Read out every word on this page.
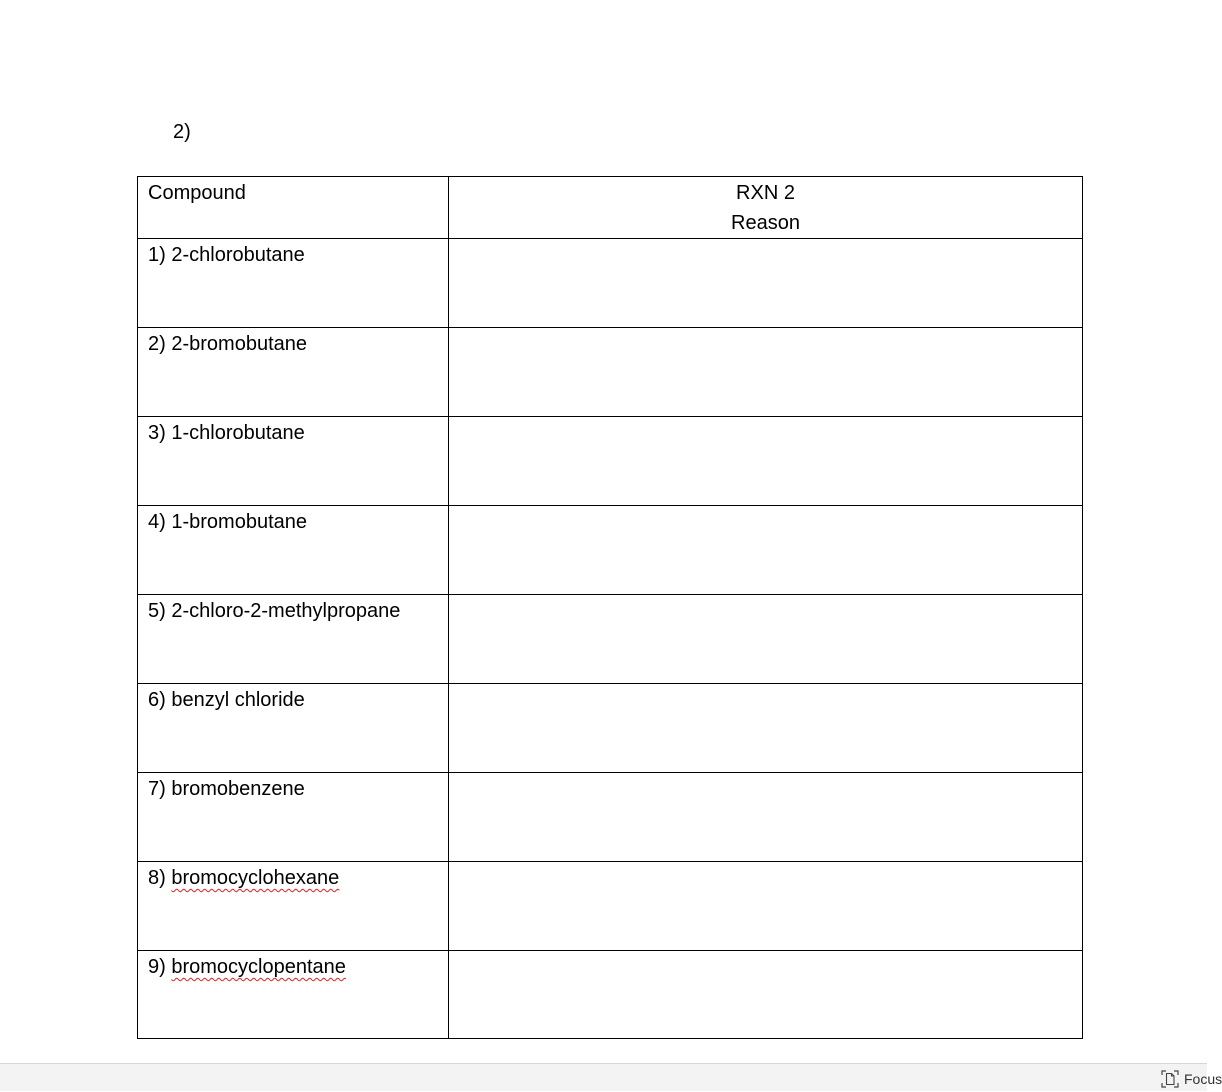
2)
Compound	RXN 2
Reason

1) 2-chlorobutane	
2) 2-bromobutane	
3) 1-chlorobutane	
4) 1-bromobutane	
5) 2-chloro-2-methylpropane	
6) benzyl chloride	
7) bromobenzene	
8) bromocyclohexane	
9) bromocyclopentane	
Focus
